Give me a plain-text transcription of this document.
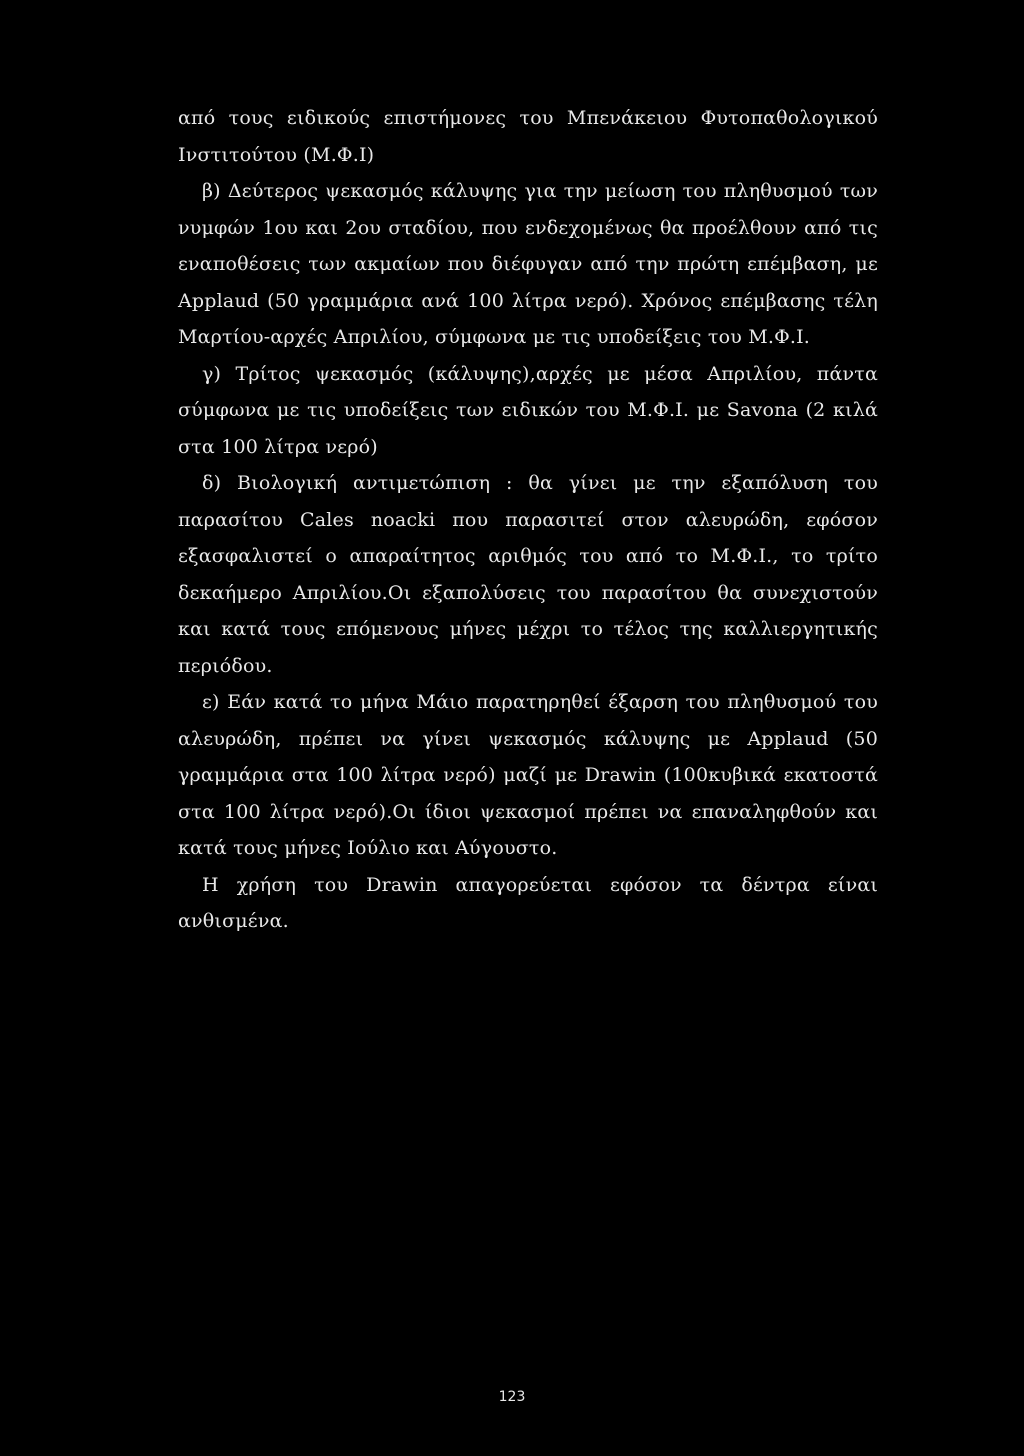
από τους ειδικούς επιστήμονες του Μπενάκειου Φυτοπαθολογικού Ινστιτούτου (Μ.Φ.Ι)

β) Δεύτερος ψεκασμός κάλυψης για την μείωση του πληθυσμού των νυμφών 1ου και 2ου σταδίου, που ενδεχομένως θα προέλθουν από τις εναποθέσεις των ακμαίων που διέφυγαν από την πρώτη επέμβαση, με Applaud (50 γραμμάρια ανά 100 λίτρα νερό). Χρόνος επέμβασης τέλη Μαρτίου-αρχές Απριλίου, σύμφωνα με τις υποδείξεις του Μ.Φ.Ι.

γ) Τρίτος ψεκασμός (κάλυψης),αρχές με μέσα Απριλίου, πάντα σύμφωνα με τις υποδείξεις των ειδικών του Μ.Φ.Ι. με Savona (2 κιλά στα 100 λίτρα νερό)

δ) Βιολογική αντιμετώπιση : θα γίνει με την εξαπόλυση του παρασίτου Cales noacki που παρασιτεί στον αλευρώδη, εφόσον εξασφαλιστεί ο απαραίτητος αριθμός του από το Μ.Φ.Ι., το τρίτο δεκαήμερο Απριλίου.Οι εξαπολύσεις του παρασίτου θα συνεχιστούν και κατά τους επόμενους μήνες μέχρι το τέλος της καλλιεργητικής περιόδου.

ε) Εάν κατά το μήνα Μάιο παρατηρηθεί έξαρση του πληθυσμού του αλευρώδη, πρέπει να γίνει ψεκασμός κάλυψης με Applaud (50 γραμμάρια στα 100 λίτρα νερό) μαζί με Drawin (100κυβικά εκατοστά στα 100 λίτρα νερό).Οι ίδιοι ψεκασμοί πρέπει να επαναληφθούν και κατά τους μήνες Ιούλιο και Αύγουστο.

Η χρήση του Drawin απαγορεύεται εφόσον τα δέντρα είναι ανθισμένα.

123
